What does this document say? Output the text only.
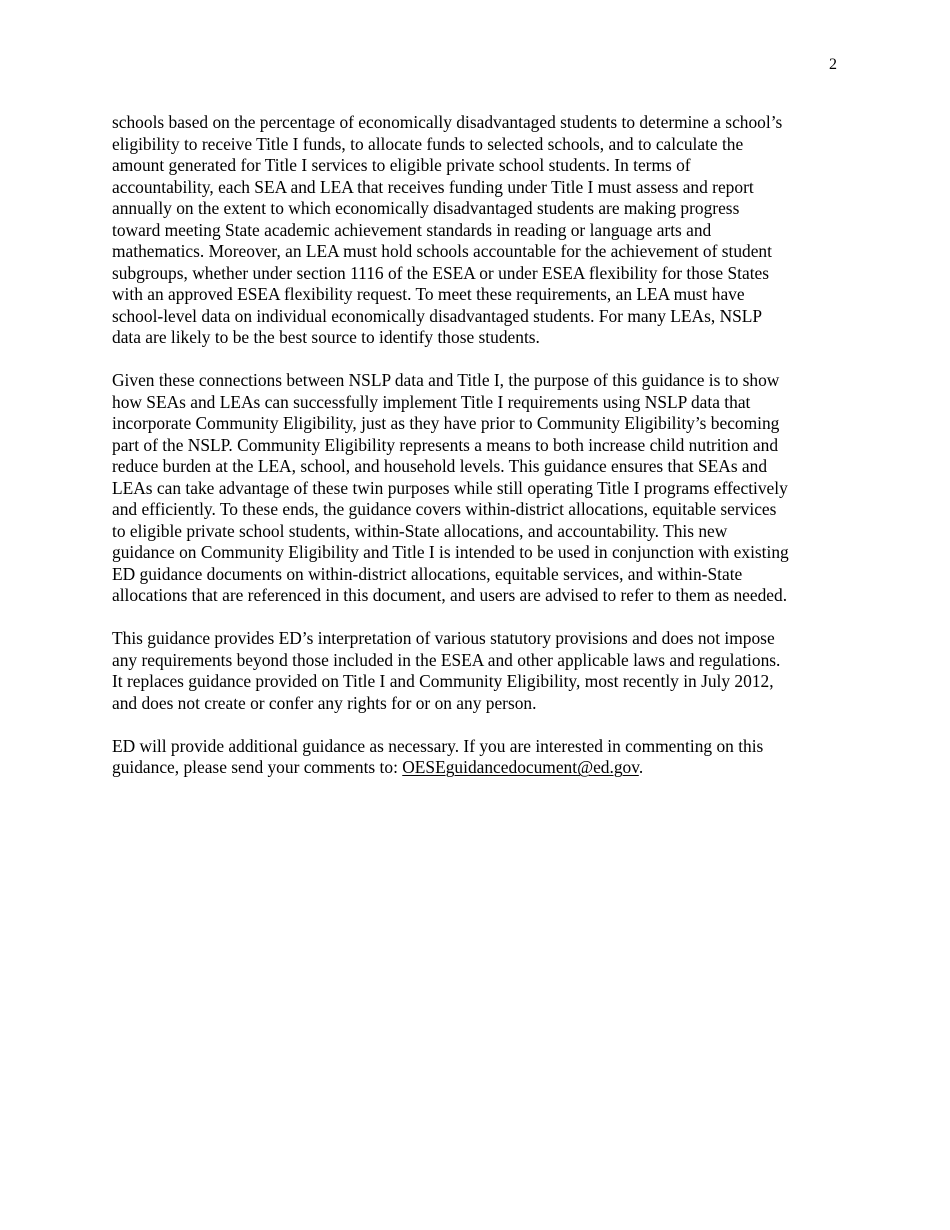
2

schools based on the percentage of economically disadvantaged students to determine a school’s
eligibility to receive Title I funds, to allocate funds to selected schools, and to calculate the
amount generated for Title I services to eligible private school students. In terms of
accountability, each SEA and LEA that receives funding under Title I must assess and report
annually on the extent to which economically disadvantaged students are making progress
toward meeting State academic achievement standards in reading or language arts and
mathematics. Moreover, an LEA must hold schools accountable for the achievement of student
subgroups, whether under section 1116 of the ESEA or under ESEA flexibility for those States
with an approved ESEA flexibility request. To meet these requirements, an LEA must have
school-level data on individual economically disadvantaged students. For many LEAs, NSLP
data are likely to be the best source to identify those students.

Given these connections between NSLP data and Title I, the purpose of this guidance is to show
how SEAs and LEAs can successfully implement Title I requirements using NSLP data that
incorporate Community Eligibility, just as they have prior to Community Eligibility’s becoming
part of the NSLP. Community Eligibility represents a means to both increase child nutrition and
reduce burden at the LEA, school, and household levels. This guidance ensures that SEAs and
LEAs can take advantage of these twin purposes while still operating Title I programs effectively
and efficiently. To these ends, the guidance covers within-district allocations, equitable services
to eligible private school students, within-State allocations, and accountability. This new
guidance on Community Eligibility and Title I is intended to be used in conjunction with existing
ED guidance documents on within-district allocations, equitable services, and within-State
allocations that are referenced in this document, and users are advised to refer to them as needed.

This guidance provides ED’s interpretation of various statutory provisions and does not impose
any requirements beyond those included in the ESEA and other applicable laws and regulations.
It replaces guidance provided on Title I and Community Eligibility, most recently in July 2012,
and does not create or confer any rights for or on any person.

ED will provide additional guidance as necessary. If you are interested in commenting on this
guidance, please send your comments to: OESEguidancedocument@ed.gov.
